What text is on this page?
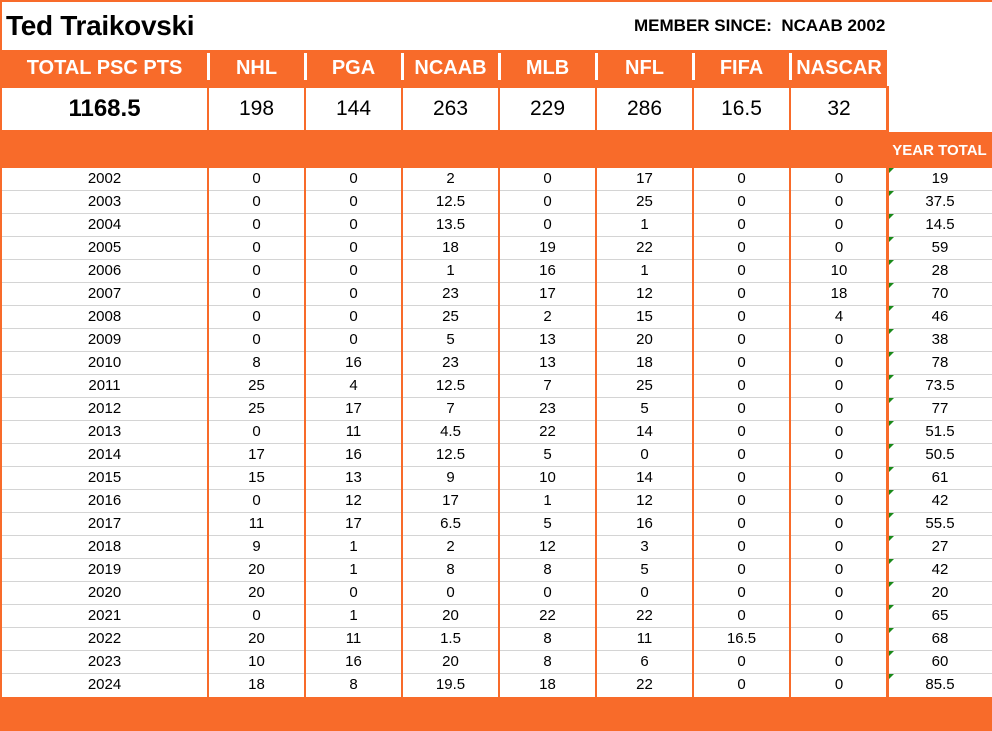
Ted Traikovski	MEMBER SINCE: NCAAB 2002
TOTAL PSC PTS	NHL	PGA	NCAAB	MLB	NFL	FIFA	NASCAR
1168.5	198	144	263	229	286	16.5	32
YEAR TOTAL
2002	0	0	2	0	17	0	0	19
2003	0	0	12.5	0	25	0	0	37.5
2004	0	0	13.5	0	1	0	0	14.5
2005	0	0	18	19	22	0	0	59
2006	0	0	1	16	1	0	10	28
2007	0	0	23	17	12	0	18	70
2008	0	0	25	2	15	0	4	46
2009	0	0	5	13	20	0	0	38
2010	8	16	23	13	18	0	0	78
2011	25	4	12.5	7	25	0	0	73.5
2012	25	17	7	23	5	0	0	77
2013	0	11	4.5	22	14	0	0	51.5
2014	17	16	12.5	5	0	0	0	50.5
2015	15	13	9	10	14	0	0	61
2016	0	12	17	1	12	0	0	42
2017	11	17	6.5	5	16	0	0	55.5
2018	9	1	2	12	3	0	0	27
2019	20	1	8	8	5	0	0	42
2020	20	0	0	0	0	0	0	20
2021	0	1	20	22	22	0	0	65
2022	20	11	1.5	8	11	16.5	0	68
2023	10	16	20	8	6	0	0	60
2024	18	8	19.5	18	22	0	0	85.5
